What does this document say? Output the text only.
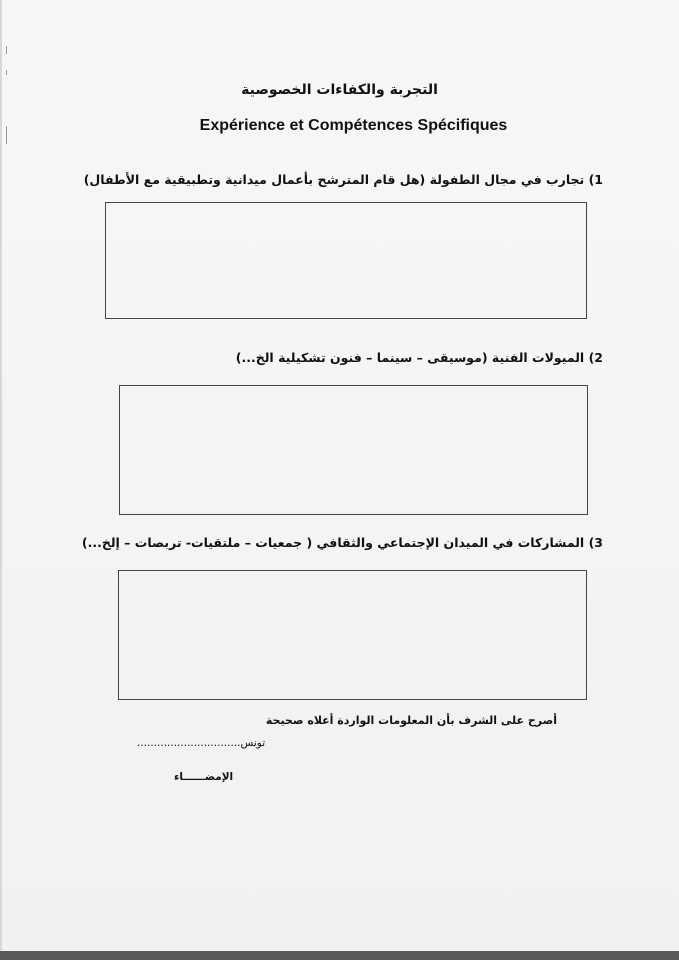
التجربة والكفاءات الخصوصية
Expérience et Compétences Spécifiques
1) تجارب في مجال الطفولة (هل قام المترشح بأعمال ميدانية وتطبيقية مع الأطفال)
2) الميولات الفنية (موسيقى – سينما – فنون تشكيلية الخ...)
3) المشاركات في الميدان الإجتماعي والثقافي ( جمعيات – ملتقيات- تربصات – إلخ...)
أصرح على الشرف بأن المعلومات الواردة أعلاه صحيحة
تونس...............................
الإمضــــــاء
